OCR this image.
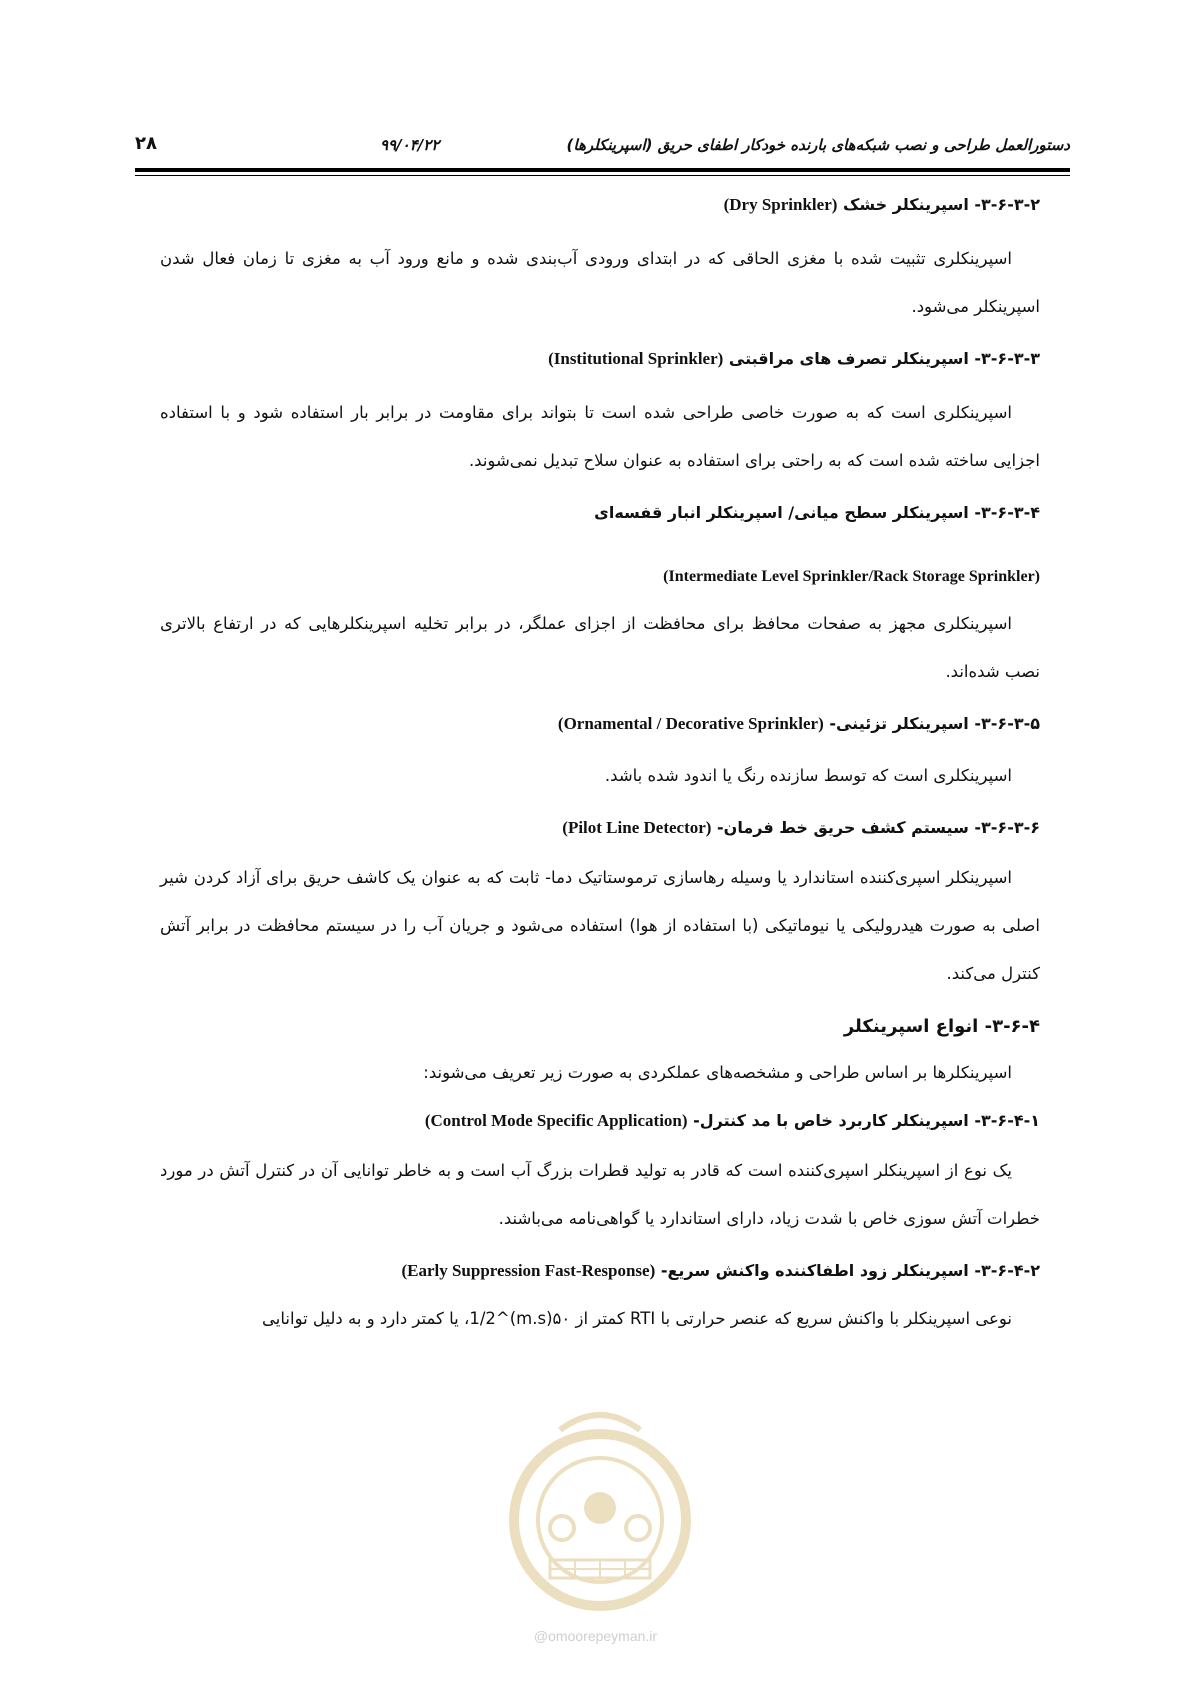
۲۸	۹۹/۰۴/۲۲	دستورالعمل طراحی و نصب شبکه‌های بارنده خودکار اطفای حریق (اسپرینکلرها)

۳-۶-۳-۲- اسپرینکلر خشک (Dry Sprinkler)

اسپرینکلری تثبیت شده با مغزی الحاقی که در ابتدای ورودی آب‌بندی شده و مانع ورود آب به مغزی تا زمان فعال شدن اسپرینکلر می‌شود.

۳-۶-۳-۳- اسپرینکلر تصرف های مراقبتی (Institutional Sprinkler)

اسپرینکلری است که به صورت خاصی طراحی شده است تا بتواند برای مقاومت در برابر بار استفاده شود و با استفاده اجزایی ساخته شده است که به راحتی برای استفاده به عنوان سلاح تبدیل نمی‌شوند.

۳-۶-۳-۴- اسپرینکلر سطح میانی/ اسپرینکلر انبار قفسه‌ای

(Intermediate Level Sprinkler/Rack Storage Sprinkler)

اسپرینکلری مجهز به صفحات محافظ برای محافظت از اجزای عملگر، در برابر تخلیه اسپرینکلرهایی که در ارتفاع بالاتری نصب شده‌اند.

۳-۶-۳-۵- اسپرینکلر تزئینی- (Ornamental / Decorative Sprinkler)

اسپرینکلری است که توسط سازنده رنگ یا اندود شده باشد.

۳-۶-۳-۶- سیستم کشف حریق خط فرمان- (Pilot Line Detector)

اسپرینکلر اسپری‌کننده استاندارد یا وسیله رهاسازی ترموستاتیک دما- ثابت که به عنوان یک کاشف حریق برای آزاد کردن شیر اصلی به صورت هیدرولیکی یا نیوماتیکی (با استفاده از هوا) استفاده می‌شود و جریان آب را در سیستم محافظت در برابر آتش کنترل می‌کند.

۳-۶-۴- انواع اسپرینکلر

اسپرینکلرها بر اساس طراحی و مشخصه‌های عملکردی به صورت زیر تعریف می‌شوند:

۳-۶-۴-۱- اسپرینکلر کاربرد خاص با مد کنترل- (Control Mode Specific Application)

یک نوع از اسپرینکلر اسپری‌کننده است که قادر به تولید قطرات بزرگ آب است و به خاطر توانایی آن در کنترل آتش در مورد خطرات آتش سوزی خاص با شدت زیاد، دارای استاندارد یا گواهی‌نامه می‌باشند.

۳-۶-۴-۲- اسپرینکلر زود اطفاکننده واکنش سریع- (Early Suppression Fast-Response)

نوعی اسپرینکلر با واکنش سریع که عنصر حرارتی با RTI کمتر از ۵۰(m.s)^1/2، یا کمتر دارد و به دلیل توانایی

@omoorepeyman.ir
